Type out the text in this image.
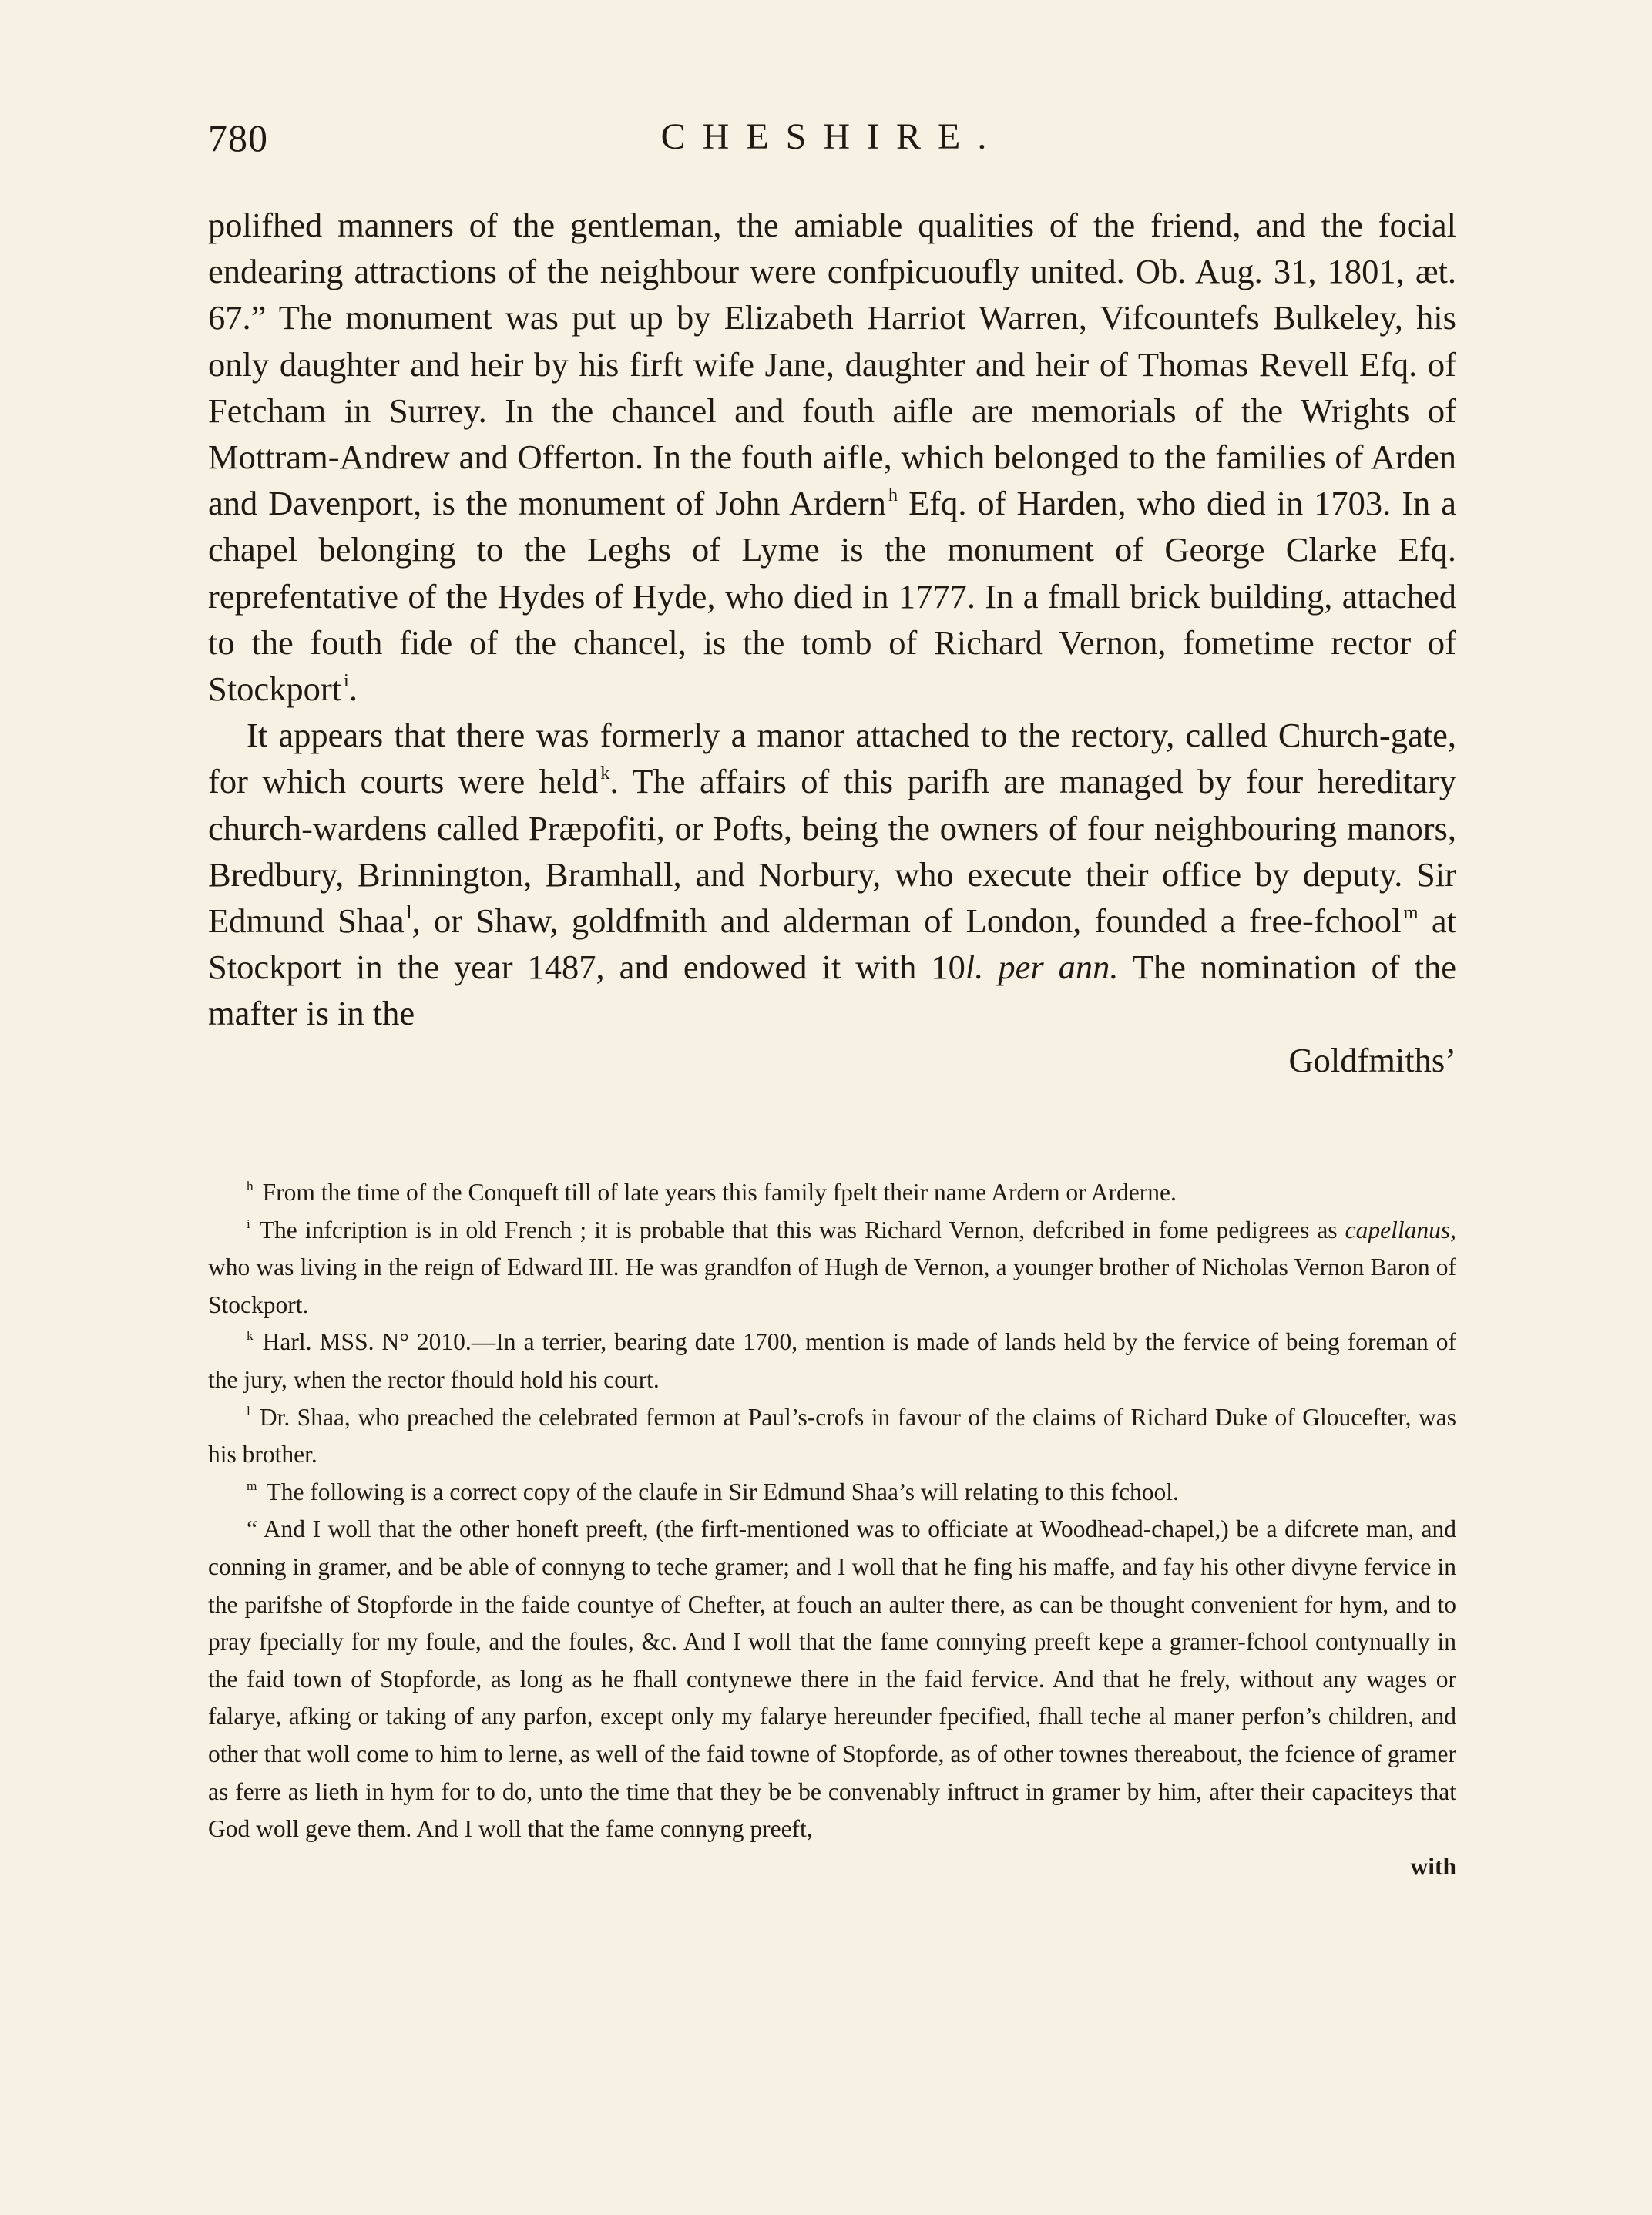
780	CHESHIRE.

polifhed manners of the gentleman, the amiable qualities of the friend, and the focial endearing attractions of the neighbour were confpicuoufly united. Ob. Aug. 31, 1801, æt. 67.” The monument was put up by Elizabeth Harriot Warren, Vifcountefs Bulkeley, his only daughter and heir by his firft wife Jane, daughter and heir of Thomas Revell Efq. of Fetcham in Surrey. In the chancel and fouth aifle are memorials of the Wrights of Mottram-Andrew and Offerton. In the fouth aifle, which belonged to the families of Arden and Davenport, is the monument of John Ardern $^h$ Efq. of Harden, who died in 1703. In a chapel belonging to the Leghs of Lyme is the monument of George Clarke Efq. reprefentative of the Hydes of Hyde, who died in 1777. In a fmall brick building, attached to the fouth fide of the chancel, is the tomb of Richard Vernon, fometime rector of Stockport $^i$.

It appears that there was formerly a manor attached to the rectory, called Church-gate, for which courts were held $^k$. The affairs of this parifh are managed by four hereditary church-wardens called Præpofiti, or Pofts, being the owners of four neighbouring manors, Bredbury, Brinnington, Bramhall, and Norbury, who execute their office by deputy. Sir Edmund Shaa $^l$, or Shaw, goldfmith and alderman of London, founded a free-fchool $^m$ at Stockport in the year 1487, and endowed it with 10l. per ann. The nomination of the mafter is in the

Goldfmiths’

$^h$ From the time of the Conqueft till of late years this family fpelt their name Ardern or Arderne.

$^i$ The infcription is in old French ; it is probable that this was Richard Vernon, defcribed in fome pedigrees as capellanus, who was living in the reign of Edward III. He was grandfon of Hugh de Vernon, a younger brother of Nicholas Vernon Baron of Stockport.

$^k$ Harl. MSS. N° 2010.—In a terrier, bearing date 1700, mention is made of lands held by the fervice of being foreman of the jury, when the rector fhould hold his court.

$^l$ Dr. Shaa, who preached the celebrated fermon at Paul’s-crofs in favour of the claims of Richard Duke of Gloucefter, was his brother.

$^m$ The following is a correct copy of the claufe in Sir Edmund Shaa’s will relating to this fchool.

“ And I woll that the other honeft preeft, (the firft-mentioned was to officiate at Woodhead-chapel,) be a difcrete man, and conning in gramer, and be able of connyng to teche gramer; and I woll that he fing his maffe, and fay his other divyne fervice in the parifshe of Stopforde in the faide countye of Chefter, at fouch an aulter there, as can be thought convenient for hym, and to pray fpecially for my foule, and the foules, &c. And I woll that the fame connying preeft kepe a gramer-fchool contynually in the faid town of Stopforde, as long as he fhall contynewe there in the faid fervice. And that he frely, without any wages or falarye, afking or taking of any parfon, except only my falarye hereunder fpecified, fhall teche al maner perfon’s children, and other that woll come to him to lerne, as well of the faid towne of Stopforde, as of other townes thereabout, the fcience of gramer as ferre as lieth in hym for to do, unto the time that they be be convenably inftruct in gramer by him, after their capaciteys that God woll geve them. And I woll that the fame connyng preeft,

with
